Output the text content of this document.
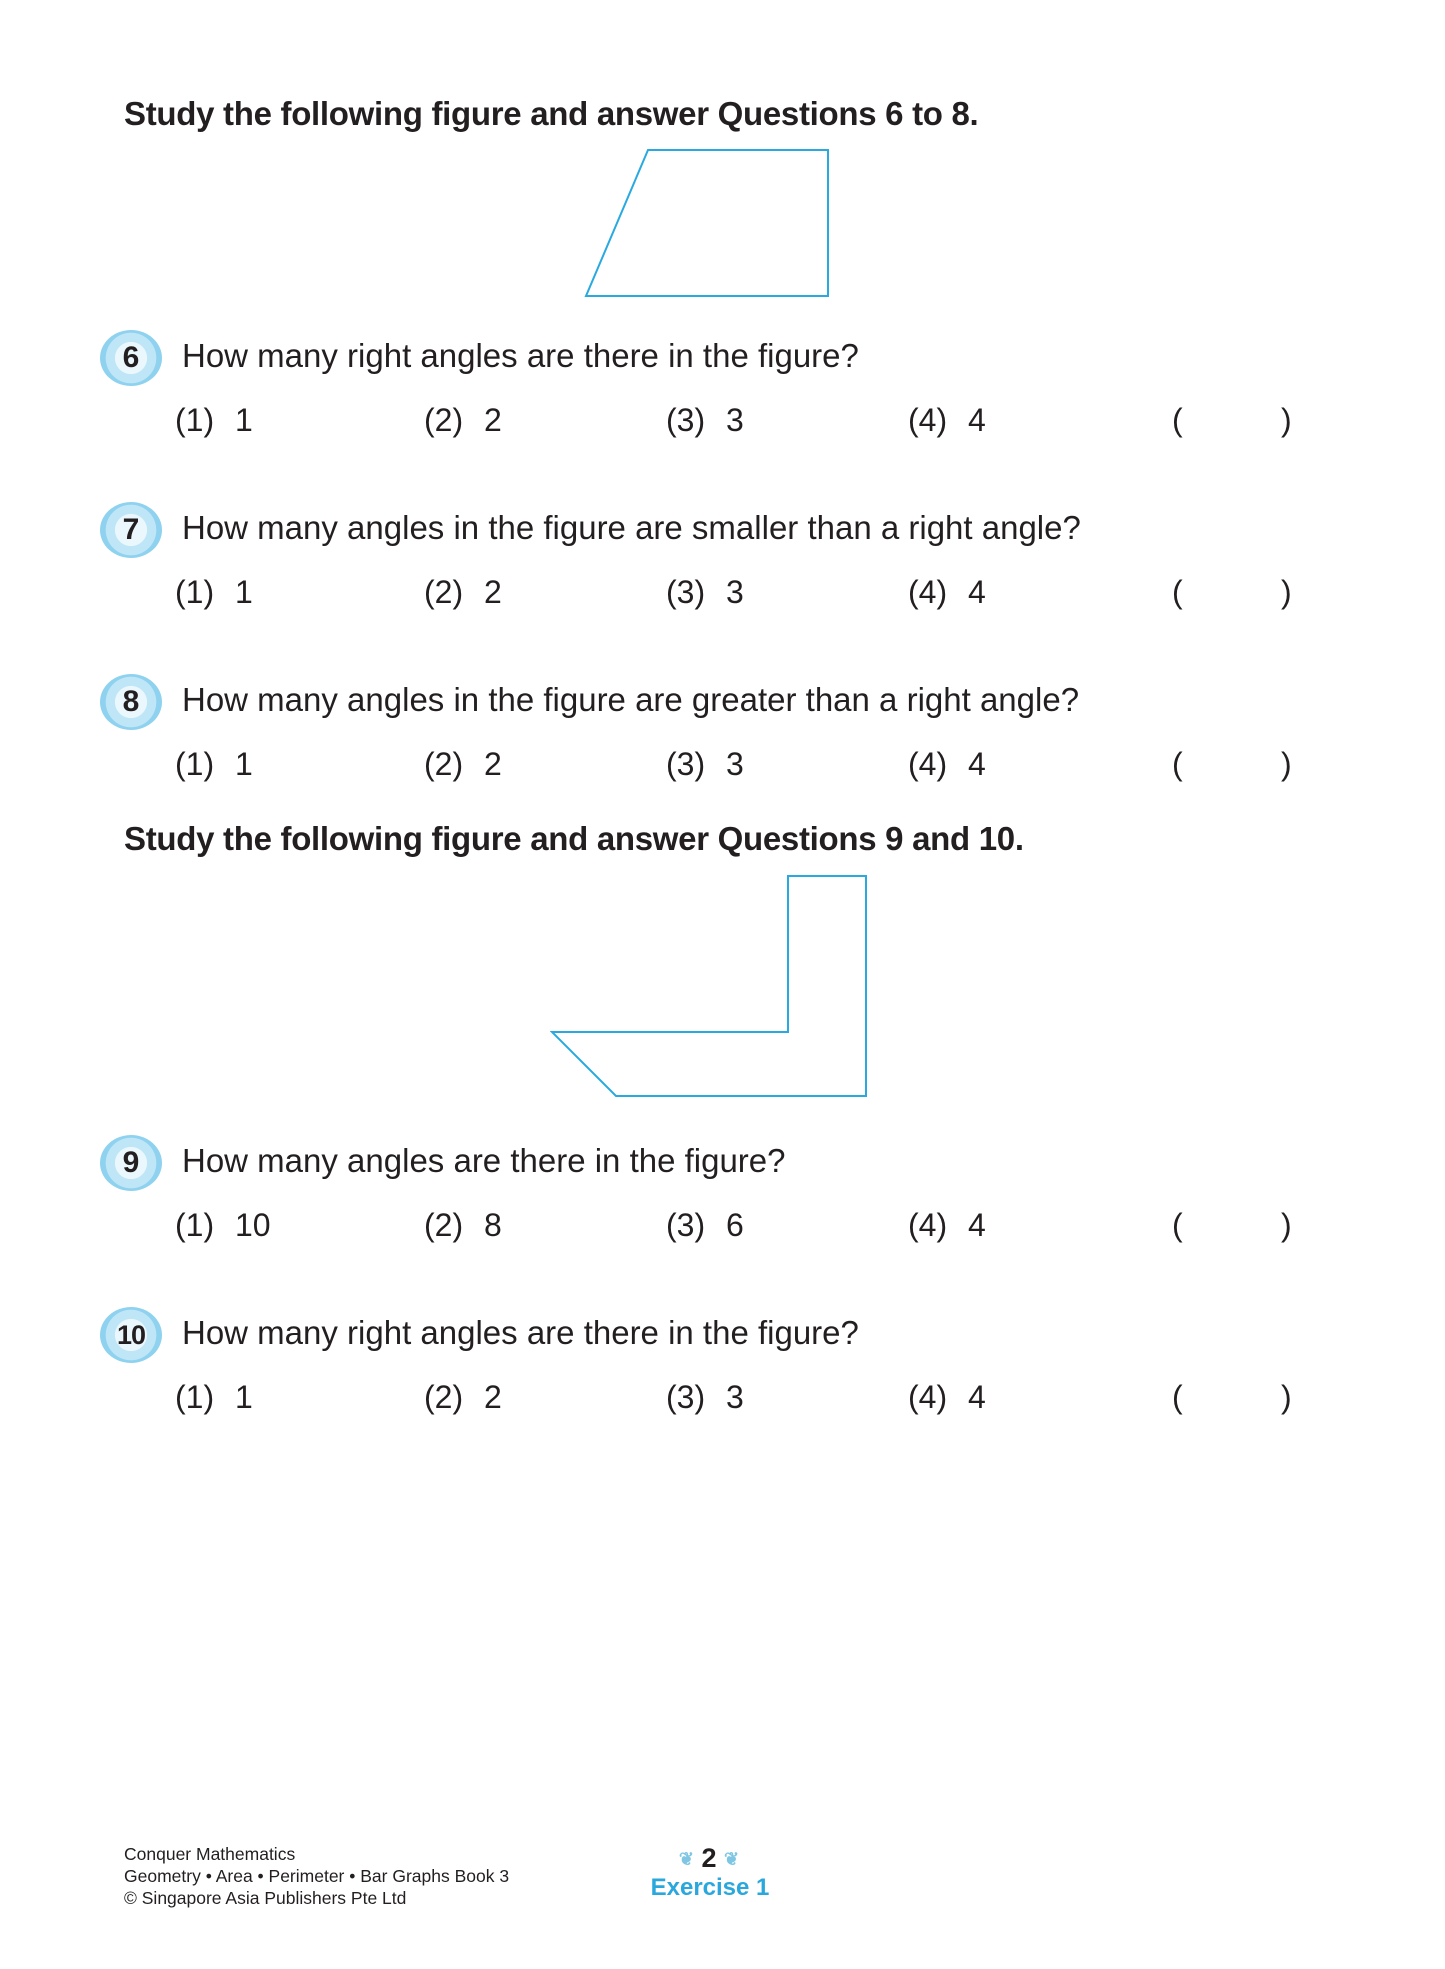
Study the following figure and answer Questions 6 to 8.
6 How many right angles are there in the figure?
(1) 1	(2) 2	(3) 3	(4) 4	(	)
7 How many angles in the figure are smaller than a right angle?
(1) 1	(2) 2	(3) 3	(4) 4	(	)
8 How many angles in the figure are greater than a right angle?
(1) 1	(2) 2	(3) 3	(4) 4	(	)
Study the following figure and answer Questions 9 and 10.
9 How many angles are there in the figure?
(1) 10	(2) 8	(3) 6	(4) 4	(	)
10 How many right angles are there in the figure?
(1) 1	(2) 2	(3) 3	(4) 4	(	)
Conquer Mathematics
Geometry • Area • Perimeter • Bar Graphs Book 3
© Singapore Asia Publishers Pte Ltd
❦ 2 ❦
Exercise 1
